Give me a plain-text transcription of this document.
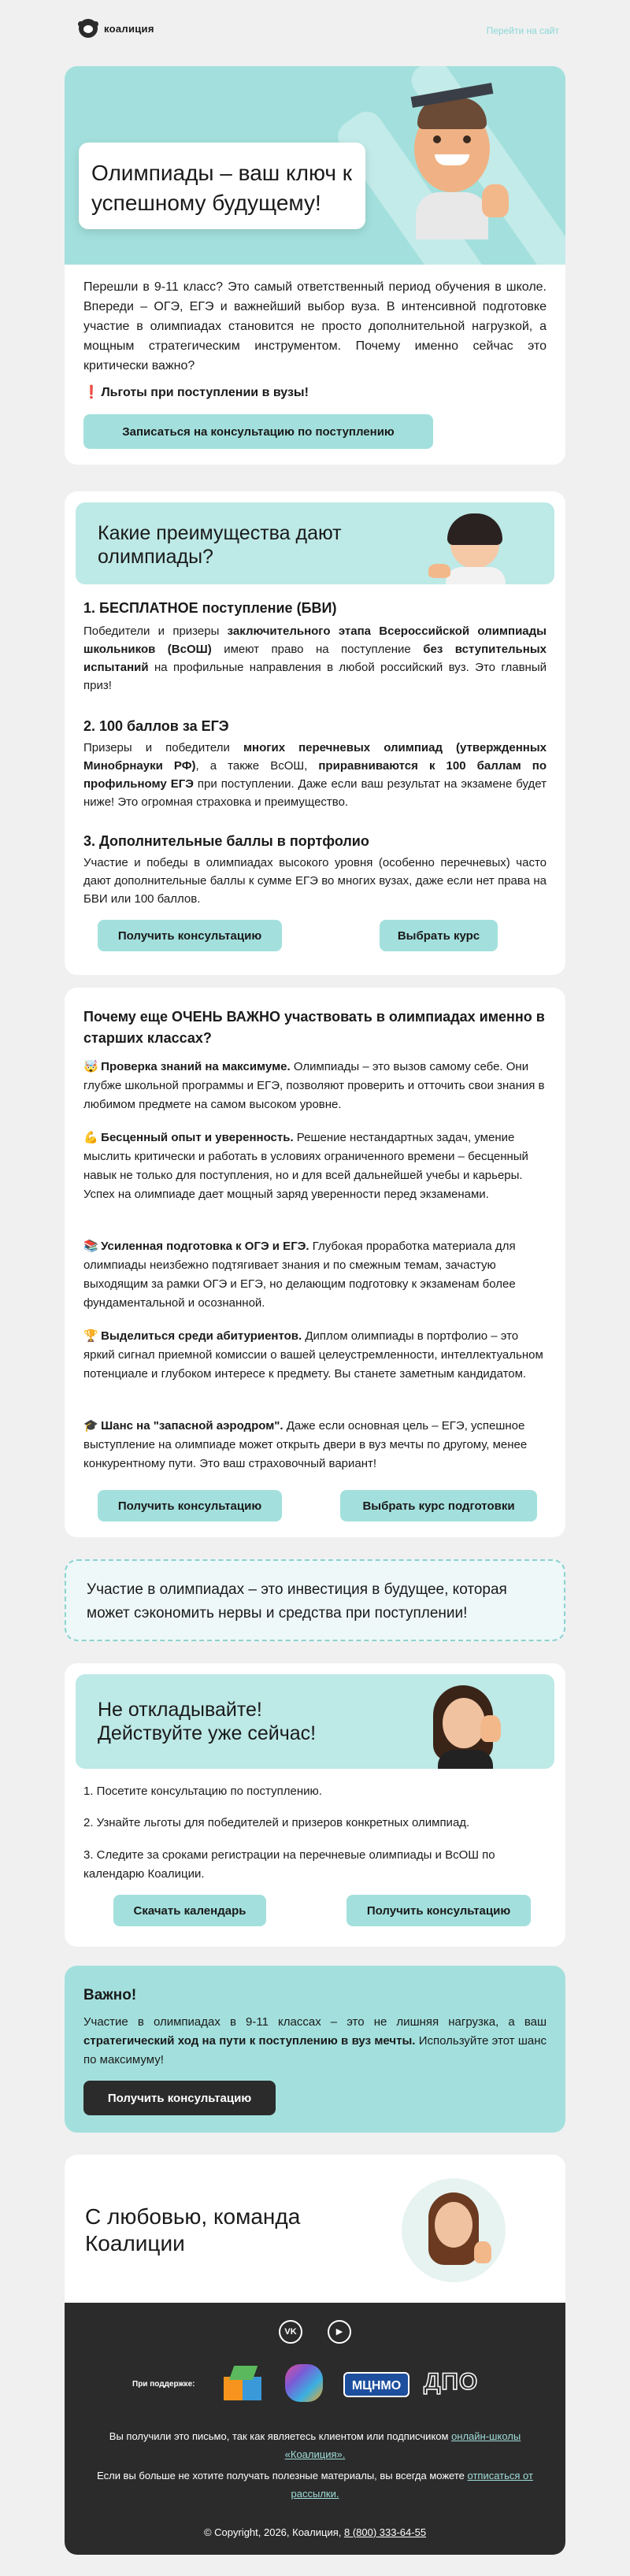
коалиция	Перейти на сайт
Олимпиады – ваш ключ к успешному будущему!
Перешли в 9-11 класс? Это самый ответственный период обучения в школе. Впереди – ОГЭ, ЕГЭ и важнейший выбор вуза. В интенсивной подготовке участие в олимпиадах становится не просто дополнительной нагрузкой, а мощным стратегическим инструментом. Почему именно сейчас это критически важно?
❗ Льготы при поступлении в вузы!
Записаться на консультацию по поступлению
Какие преимущества дают олимпиады?
1. БЕСПЛАТНОЕ поступление (БВИ)
Победители и призеры заключительного этапа Всероссийской олимпиады школьников (ВсОШ) имеют право на поступление без вступительных испытаний на профильные направления в любой российский вуз. Это главный приз!
2. 100 баллов за ЕГЭ
Призеры и победители многих перечневых олимпиад (утвержденных Минобрнауки РФ), а также ВсОШ, приравниваются к 100 баллам по профильному ЕГЭ при поступлении. Даже если ваш результат на экзамене будет ниже! Это огромная страховка и преимущество.
3. Дополнительные баллы в портфолио
Участие и победы в олимпиадах высокого уровня (особенно перечневых) часто дают дополнительные баллы к сумме ЕГЭ во многих вузах, даже если нет права на БВИ или 100 баллов.
Получить консультацию	Выбрать курс
Почему еще ОЧЕНЬ ВАЖНО участвовать в олимпиадах именно в старших классах?
🤯 Проверка знаний на максимуме. Олимпиады – это вызов самому себе. Они глубже школьной программы и ЕГЭ, позволяют проверить и отточить свои знания в любимом предмете на самом высоком уровне.
💪 Бесценный опыт и уверенность. Решение нестандартных задач, умение мыслить критически и работать в условиях ограниченного времени – бесценный навык не только для поступления, но и для всей дальнейшей учебы и карьеры. Успех на олимпиаде дает мощный заряд уверенности перед экзаменами.
📚 Усиленная подготовка к ОГЭ и ЕГЭ. Глубокая проработка материала для олимпиады неизбежно подтягивает знания и по смежным темам, зачастую выходящим за рамки ОГЭ и ЕГЭ, но делающим подготовку к экзаменам более фундаментальной и осознанной.
🏆 Выделиться среди абитуриентов. Диплом олимпиады в портфолио – это яркий сигнал приемной комиссии о вашей целеустремленности, интеллектуальном потенциале и глубоком интересе к предмету. Вы станете заметным кандидатом.
🎓 Шанс на "запасной аэродром". Даже если основная цель – ЕГЭ, успешное выступление на олимпиаде может открыть двери в вуз мечты по другому, менее конкурентному пути. Это ваш страховочный вариант!
Получить консультацию	Выбрать курс подготовки
Участие в олимпиадах – это инвестиция в будущее, которая может сэкономить нервы и средства при поступлении!
Не откладывайте! Действуйте уже сейчас!
1. Посетите консультацию по поступлению.
2. Узнайте льготы для победителей и призеров конкретных олимпиад.
3. Следите за сроками регистрации на перечневые олимпиады и ВсОШ по календарю Коалиции.
Скачать календарь	Получить консультацию
Важно!
Участие в олимпиадах в 9-11 классах – это не лишняя нагрузка, а ваш стратегический ход на пути к поступлению в вуз мечты. Используйте этот шанс по максимуму!
Получить консультацию
С любовью, команда Коалиции
VK	▶
При поддержке:	МЦНМО ДПО
Вы получили это письмо, так как являетесь клиентом или подписчиком онлайн-школы «Коалиция».
Если вы больше не хотите получать полезные материалы, вы всегда можете отписаться от рассылки.
© Copyright, 2026, Коалиция, 8 (800) 333-64-55
